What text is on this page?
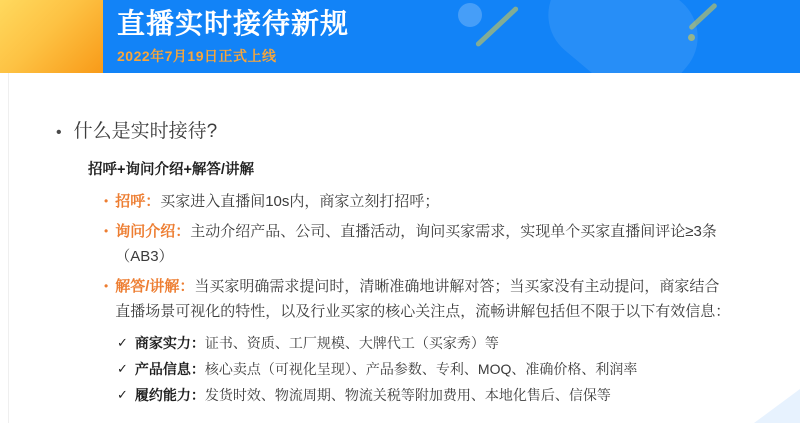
直播实时接待新规
2022年7月19日正式上线
• 什么是实时接待?
招呼+询问介绍+解答/讲解
• 招呼：买家进入直播间10s内，商家立刻打招呼；
• 询问介绍：主动介绍产品、公司、直播活动，询问买家需求，实现单个买家直播间评论≥3条
（AB3）
• 解答/讲解：当买家明确需求提问时，清晰准确地讲解对答；当买家没有主动提问，商家结合
直播场景可视化的特性，以及行业买家的核心关注点，流畅讲解包括但不限于以下有效信息：
✓ 商家实力：证书、资质、工厂规模、大牌代工（买家秀）等
✓ 产品信息：核心卖点（可视化呈现）、产品参数、专利、MOQ、准确价格、利润率
✓ 履约能力：发货时效、物流周期、物流关税等附加费用、本地化售后、信保等
